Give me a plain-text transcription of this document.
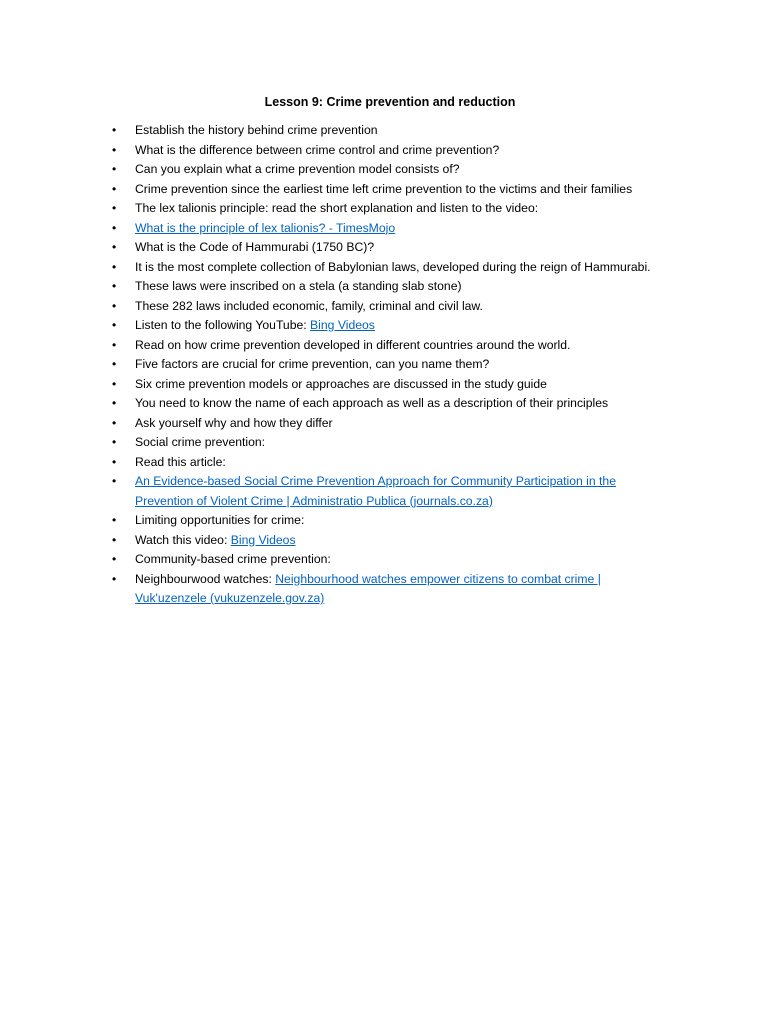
Lesson 9: Crime prevention and reduction
• Establish the history behind crime prevention
• What is the difference between crime control and crime prevention?
• Can you explain what a crime prevention model consists of?
• Crime prevention since the earliest time left crime prevention to the victims and their families
• The lex talionis principle: read the short explanation and listen to the video:
• What is the principle of lex talionis? - TimesMojo
• What is the Code of Hammurabi (1750 BC)?
• It is the most complete collection of Babylonian laws, developed during the reign of Hammurabi.
• These laws were inscribed on a stela (a standing slab stone)
• These 282 laws included economic, family, criminal and civil law.
• Listen to the following YouTube: Bing Videos
• Read on how crime prevention developed in different countries around the world.
• Five factors are crucial for crime prevention, can you name them?
• Six crime prevention models or approaches are discussed in the study guide
• You need to know the name of each approach as well as a description of their principles
• Ask yourself why and how they differ
• Social crime prevention:
• Read this article:
• An Evidence-based Social Crime Prevention Approach for Community Participation in the
Prevention of Violent Crime | Administratio Publica (journals.co.za)
• Limiting opportunities for crime:
• Watch this video: Bing Videos
• Community-based crime prevention:
• Neighbourwood watches: Neighbourhood watches empower citizens to combat crime |
Vuk'uzenzele (vukuzenzele.gov.za)
